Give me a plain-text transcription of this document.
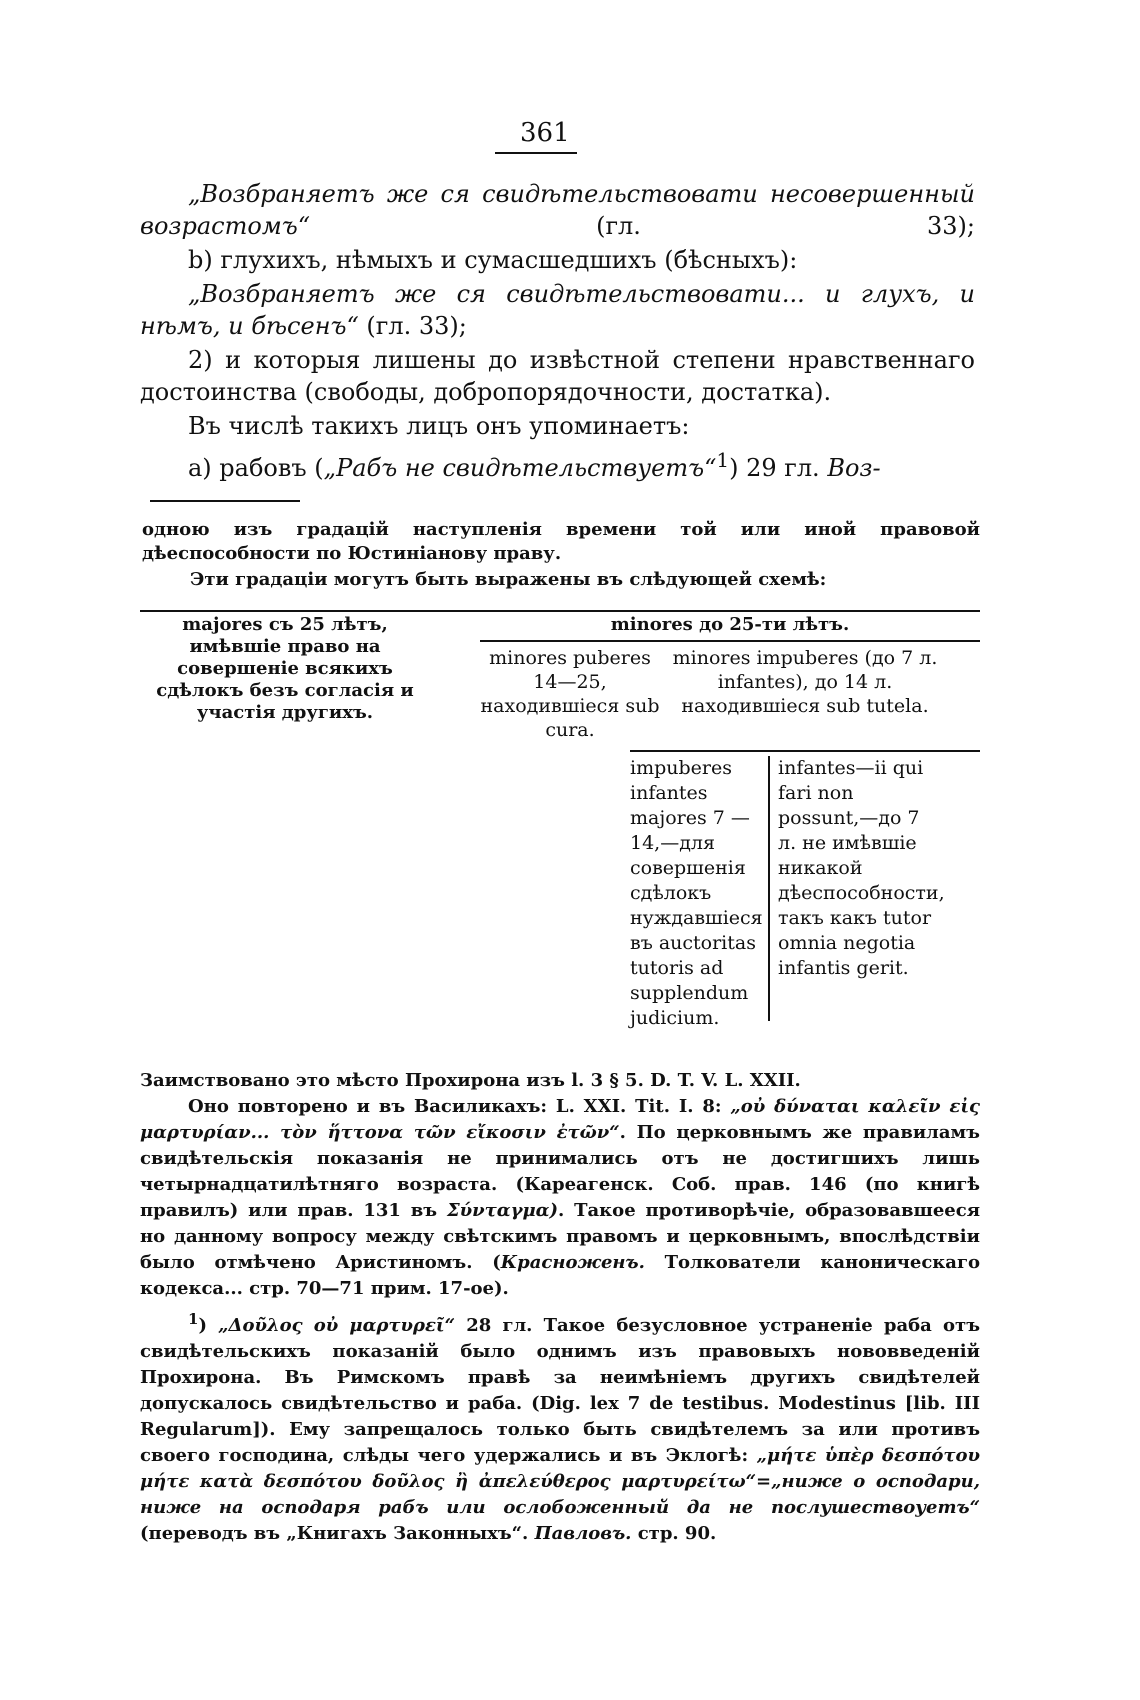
361

„Возбраняетъ же ся свидѣтельствовати несовершенный возрастомъ“ (гл. 33);

b) глухихъ, нѣмыхъ и сумасшедшихъ (бѣсныхъ):

„Возбраняетъ же ся свидѣтельствовати... и глухъ, и нѣмъ, и бѣсенъ“ (гл. 33);

2) и которыя лишены до извѣстной степени нравственнаго достоинства (свободы, добропорядочности, достатка).

Въ числѣ такихъ лицъ онъ упоминаетъ:

а) рабовъ („Рабъ не свидѣтельствуетъ“$^1$) 29 гл. Воз-

одною изъ градацій наступленія времени той или иной правовой дѣеспособности по Юстиніанову праву.

Эти градаціи могутъ быть выражены въ слѣдующей схемѣ:

majores съ 25 лѣтъ, имѣвшіе право на совершеніе всякихъ сдѣлокъ безъ согласія и участія другихъ.
minores до 25-ти лѣтъ.
minores puberes 14—25, находившіеся sub cura.
minores impuberes (до 7 л. infantes), до 14 л. находившіеся sub tutela.
impuberes infantes majores 7 — 14,—для совершенія сдѣлокъ нуждавшіеся въ auctoritas tutoris ad supplendum judicium.
infantes—ii qui fari non possunt,—до 7 л. не имѣвшіе никакой дѣеспособности, такъ какъ tutor omnia negotia infantis gerit.

Заимствовано это мѣсто Прохирона изъ l. 3 § 5. D. T. V. L. XXII.

Оно повторено и въ Василикахъ: L. XXI. Tit. I. 8: „οὐ δύναται καλεῖν εἰς μαρτυρίαν... τὸν ἥττονα τῶν εἴκοσιν ἐτῶν“. По церковнымъ же правиламъ свидѣтельскія показанія не принимались отъ не достигшихъ лишь четырнадцатилѣтняго возраста. (Кареагенск. Соб. прав. 146 (по книгѣ правилъ) или прав. 131 въ Σύνταγμα). Такое противорѣчіе, образовавшееся но данному вопросу между свѣтскимъ правомъ и церковнымъ, впослѣдствіи было отмѣчено Аристиномъ. (Красноженъ. Толкователи каноническаго кодекса... стр. 70—71 прим. 17-ое).

$^1$) „Δοῦλος οὐ μαρτυρεῖ“ 28 гл. Такое безусловное устраненіе раба отъ свидѣтельскихъ показаній было однимъ изъ правовыхъ нововведеній Прохирона. Въ Римскомъ правѣ за неимѣніемъ другихъ свидѣтелей допускалось свидѣтельство и раба. (Dig. lex 7 de testibus. Modestinus [lib. III Regularum]). Ему запрещалось только быть свидѣтелемъ за или противъ своего господина, слѣды чего удержались и въ Эклогѣ: „μήτε ὑπὲρ δεσπότου μήτε κατὰ δεσπότου δοῦλος ἢ ἀπελεύθερος μαρτυρείτω“=„ниже о осподари, ниже на осподаря рабъ или ослобоженный да не послушествоуетъ“ (переводъ въ „Книгахъ Законныхъ“. Павловъ. стр. 90.
